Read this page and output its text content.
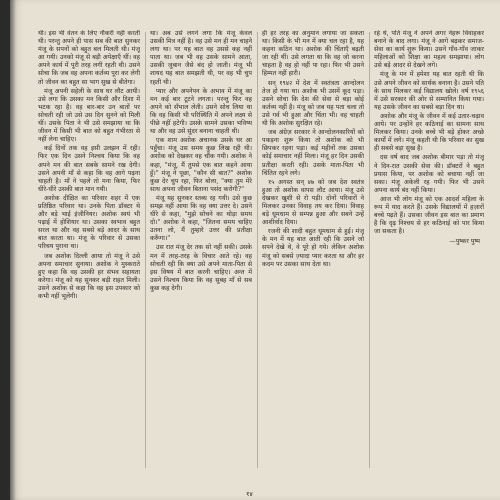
थी। इस भी वेतन के लिए नौकरी नहीं करती थी। परन्तु अपने ही पास सब की बात सुनकर मंजू के सपनों को बहुत बल मिलती थी। मंजू आ गयी। उनको मंजू से बड़ी अपेक्षाएँ थीं। वह अपने कार्य में पूरी तरह लगी रहती थी। उसने सोचा कि जब वह अपना कर्तव्य पूरा कर लेगी तो जीवन का बहुत सा भाग सुख से बीतेगा।

मंजू अपनी सहेली के साथ घर लौट आयी। उसे लगा कि उसका मन किसी और दिशा में भटक रहा है। वह बार-बार उन बातों पर सोचती रही जो उसे उस दिन सुनने को मिली थीं। उसके पिता ने भी उसे समझाया था कि जीवन में किसी भी बात को बहुत गंभीरता से नहीं लेना चाहिए।

कई दिनों तक वह इसी उलझन में रही। फिर एक दिन उसने निश्चय किया कि वह अपने मन की बात सबके सामने रख देगी। उसने अपनी माँ से कहा कि वह आगे पढ़ना चाहती है। माँ ने पहले तो मना किया, फिर धीरे-धीरे उसकी बात मान गयी।

अशोक दीक्षित का परिवार शहर में एक प्रतिष्ठित परिवार था। उनके पिता डॉक्टर थे और बड़े भाई इंजीनियर। अशोक स्वयं भी पढ़ाई में होशियार था। उसका स्वभाव बहुत सरल था और वह सबसे बड़े आदर के साथ बात करता था। मंजू के परिवार से उसका परिचय पुराना था।

जब अशोक दिल्ली आया तो मंजू ने उसे अपना समाचार सुनाया। अशोक ने मुस्कराते हुए कहा कि वह उसकी हर संभव सहायता करेगा। मंजू को यह सुनकर बड़ी राहत मिली। उसने अशोक से कहा कि वह इस उपकार को कभी नहीं भूलेगी।

था। अब उसे लगने लगा कि मंजू केवल उसकी मित्र नहीं है। वह उसे मन ही मन चाहने लगा था। पर यह बात वह उससे कह नहीं पाता था। जब भी वह उसके सामने आता, उसकी जुबान जैसे बंद हो जाती। मंजू भी शायद यह बात समझती थी, पर वह भी चुप रहती थी।

प्यार और अपनेपन के अभाव में मंजू का मन कई बार टूटने लगता। परन्तु फिर वह अपने को सँभाल लेती। उसने सोच लिया था कि वह किसी भी परिस्थिति में अपने लक्ष्य से पीछे नहीं हटेगी। उसके सामने उसका भविष्य था और वह उसे सुंदर बनाना चाहती थी।

एक शाम अशोक अचानक उसके घर आ पहुँचा। मंजू उस समय कुछ लिख रही थी। अशोक को देखकर वह चौंक गयी। अशोक ने कहा, "मंजू, मैं तुमसे एक बात कहने आया हूँ।" मंजू ने पूछा, "कौन सी बात?" अशोक कुछ देर चुप रहा, फिर बोला, "क्या तुम मेरे साथ अपना जीवन बिताना पसंद करोगी?"

मंजू यह सुनकर स्तब्ध रह गयी। उसे कुछ समझ नहीं आया कि वह क्या उत्तर दे। उसने धीरे से कहा, "मुझे सोचने का थोड़ा समय दो।" अशोक ने कहा, "जितना समय चाहिए उतना लो, मैं तुम्हारे उत्तर की प्रतीक्षा करूँगा।"

उस रात मंजू देर तक सो नहीं सकी। उसके मन में तरह-तरह के विचार आते रहे। वह सोचती रही कि क्या उसे अपने माता-पिता से इस विषय में बात करनी चाहिए। अन्त में उसने निश्चय किया कि वह सुबह माँ से सब कुछ कह देगी।

ही हर तरह का अनुमान लगाया जा सकता था। किसी के भी मन में क्या चल रहा है, यह कहना कठिन था। अशोक की चिंताएँ बढ़ती जा रही थीं। उसे लगता था कि वह जो करना चाहता है वह हो नहीं पा रहा। फिर भी उसने हिम्मत नहीं हारी।

सन् १९४२ में देश में स्वतंत्रता आन्दोलन तेज हो गया था। अशोक भी उसमें कूद पड़ा। उसने सोचा कि देश की सेवा से बड़ा कोई कर्तव्य नहीं है। मंजू को जब यह पता चला तो उसे गर्व भी हुआ और चिंता भी। वह चाहती थी कि अशोक सुरक्षित रहे।

जब अंग्रेज़ सरकार ने आन्दोलनकारियों को पकड़ना शुरू किया तो अशोक को भी छिपकर रहना पड़ा। कई महीनों तक उसका कोई समाचार नहीं मिला। मंजू हर दिन उसकी प्रतीक्षा करती रही। उसके माता-पिता भी चिंतित रहने लगे।

१५ अगस्त सन् ४७ को जब देश स्वतंत्र हुआ तो अशोक वापस लौट आया। मंजू उसे देखकर खुशी से रो पड़ी। दोनों परिवारों ने मिलकर उनका विवाह तय कर दिया। विवाह बड़े धूमधाम से सम्पन्न हुआ और सबने उन्हें आशीर्वाद दिया।

रजनी की शादी बहुत धूमधाम से हुई। मंजू के मन में यह बात आती रही कि उसने जो सपने देखे थे, वे पूरे हो गये। लेकिन अशोक मंजू को सबसे ज़्यादा प्यार करता था और हर कदम पर उसका साथ देता था।

रहे थे, पति मंजू ने अपने अगर नेहरू विवाहकर बनाने के बाद लगा। मंजू ने आगे बढ़कर समाज-सेवा का कार्य शुरू किया। उसने गाँव-गाँव जाकर महिलाओं को शिक्षा का महत्व समझाया। लोग उसे बड़े आदर से देखने लगे।

मंजू के मन में हमेशा यह बात रहती थी कि उसे अपने जीवन को सार्थक बनाना है। उसने पति के साथ मिलकर कई विद्यालय खोले। वर्ष १९५६ में उसे सरकार की ओर से सम्मानित किया गया। यह उसके जीवन का सबसे बड़ा दिन था।

अशोक और मंजू के जीवन में कई उतार-चढ़ाव आये। पर उन्होंने हर कठिनाई का सामना साथ मिलकर किया। उनके बच्चे भी बड़े होकर अच्छे कार्यों में लगे। मंजू कहती थी कि परिवार का सुख ही सबसे बड़ा सुख है।

दस वर्ष बाद जब अशोक बीमार पड़ा तो मंजू ने दिन-रात उसकी सेवा की। डॉक्टरों ने बहुत प्रयास किया, पर अशोक को बचाया नहीं जा सका। मंजू अकेली रह गयी। फिर भी उसने अपना कार्य बंद नहीं किया।

आज भी लोग मंजू को एक आदर्श महिला के रूप में याद करते हैं। उसके विद्यालयों में हज़ारों बच्चे पढ़ते हैं। उसका जीवन इस बात का प्रमाण है कि दृढ़ निश्चय से हर कठिनाई को पार किया जा सकता है।

—पुष्कर पुष्प
१४
